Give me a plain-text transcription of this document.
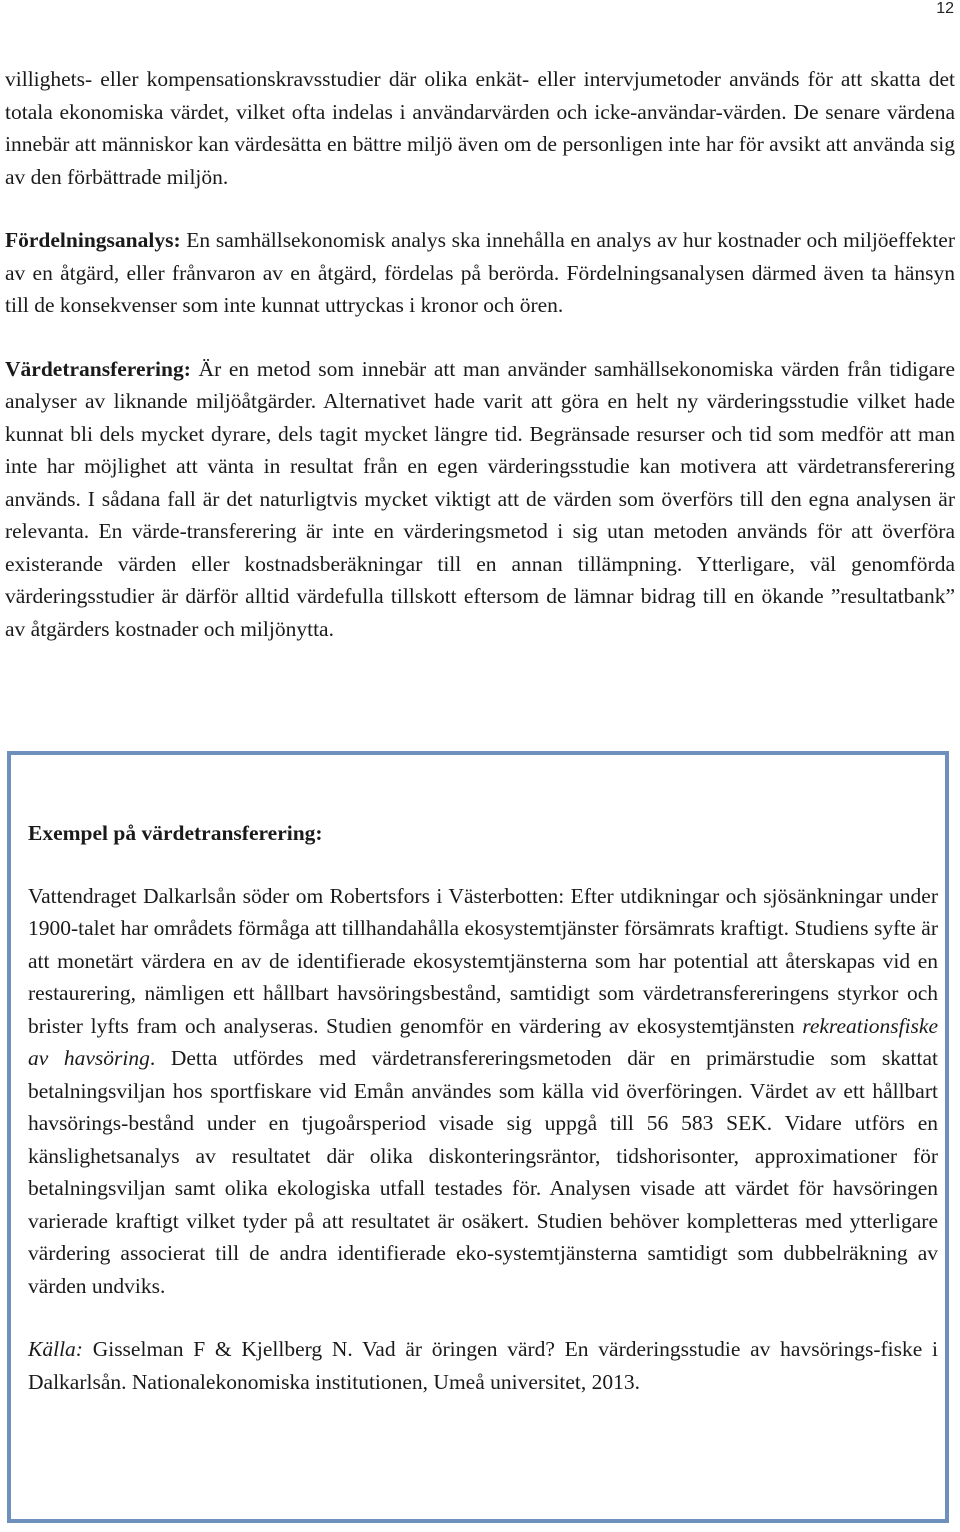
12

villighets- eller kompensationskravsstudier där olika enkät- eller intervjumetoder används för att skatta det totala ekonomiska värdet, vilket ofta indelas i användarvärden och icke-användar-värden. De senare värdena innebär att människor kan värdesätta en bättre miljö även om de personligen inte har för avsikt att använda sig av den förbättrade miljön.

Fördelningsanalys: En samhällsekonomisk analys ska innehålla en analys av hur kostnader och miljöeffekter av en åtgärd, eller frånvaron av en åtgärd, fördelas på berörda. Fördelningsanalysen därmed även ta hänsyn till de konsekvenser som inte kunnat uttryckas i kronor och ören.

Värdetransferering: Är en metod som innebär att man använder samhällsekonomiska värden från tidigare analyser av liknande miljöåtgärder. Alternativet hade varit att göra en helt ny värderingsstudie vilket hade kunnat bli dels mycket dyrare, dels tagit mycket längre tid. Begränsade resurser och tid som medför att man inte har möjlighet att vänta in resultat från en egen värderingsstudie kan motivera att värdetransferering används. I sådana fall är det naturligtvis mycket viktigt att de värden som överförs till den egna analysen är relevanta. En värde-transferering är inte en värderingsmetod i sig utan metoden används för att överföra existerande värden eller kostnadsberäkningar till en annan tillämpning. Ytterligare, väl genomförda värderingsstudier är därför alltid värdefulla tillskott eftersom de lämnar bidrag till en ökande ”resultatbank” av åtgärders kostnader och miljönytta.

Exempel på värdetransferering:

Vattendraget Dalkarlsån söder om Robertsfors i Västerbotten: Efter utdikningar och sjösänkningar under 1900-talet har områdets förmåga att tillhandahålla ekosystemtjänster försämrats kraftigt. Studiens syfte är att monetärt värdera en av de identifierade ekosystemtjänsterna som har potential att återskapas vid en restaurering, nämligen ett hållbart havsöringsbestånd, samtidigt som värdetransfereringens styrkor och brister lyfts fram och analyseras. Studien genomför en värdering av ekosystemtjänsten rekreationsfiske av havsöring. Detta utfördes med värdetransfereringsmetoden där en primärstudie som skattat betalningsviljan hos sportfiskare vid Emån användes som källa vid överföringen. Värdet av ett hållbart havsörings-bestånd under en tjugoårsperiod visade sig uppgå till 56 583 SEK. Vidare utförs en känslighetsanalys av resultatet där olika diskonteringsräntor, tidshorisonter, approximationer för betalningsviljan samt olika ekologiska utfall testades för. Analysen visade att värdet för havsöringen varierade kraftigt vilket tyder på att resultatet är osäkert. Studien behöver kompletteras med ytterligare värdering associerat till de andra identifierade eko-systemtjänsterna samtidigt som dubbelräkning av värden undviks.

Källa: Gisselman F & Kjellberg N. Vad är öringen värd? En värderingsstudie av havsörings-fiske i Dalkarlsån. Nationalekonomiska institutionen, Umeå universitet, 2013.
